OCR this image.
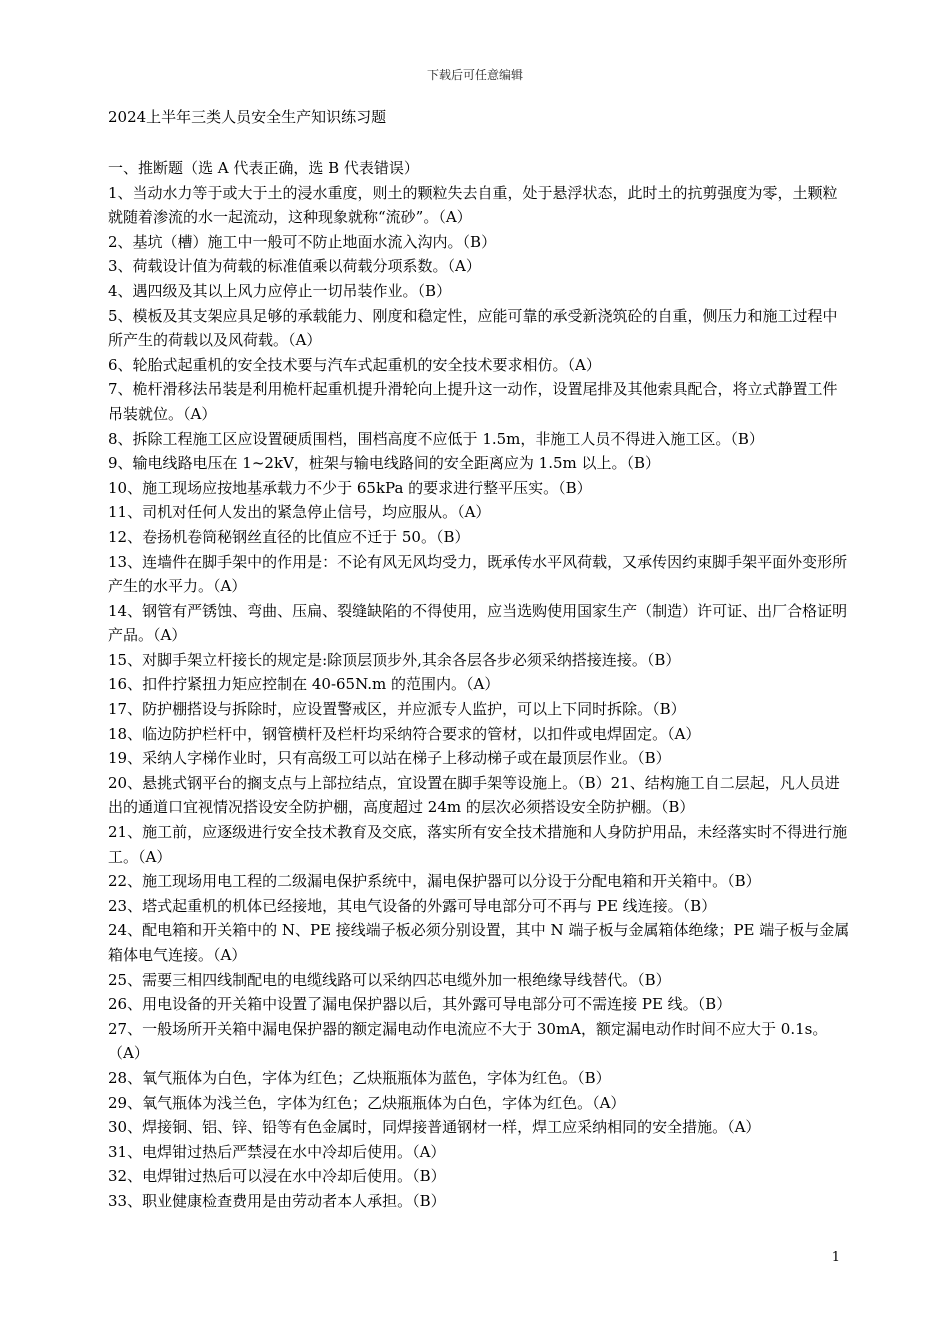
下载后可任意编辑
2024上半年三类人员安全生产知识练习题

一、推断题（选 A 代表正确，选 B 代表错误）

1、当动水力等于或大于土的浸水重度，则土的颗粒失去自重，处于悬浮状态，此时土的抗剪强度为零，土颗粒就随着渗流的水一起流动，这种现象就称“流砂”。（A）

2、基坑（槽）施工中一般可不防止地面水流入沟内。（B）

3、荷载设计值为荷载的标准值乘以荷载分项系数。（A）

4、遇四级及其以上风力应停止一切吊装作业。（B）

5、模板及其支架应具足够的承载能力、刚度和稳定性，应能可靠的承受新浇筑砼的自重，侧压力和施工过程中所产生的荷载以及风荷载。（A）

6、轮胎式起重机的安全技术要与汽车式起重机的安全技术要求相仿。（A）

7、桅杆滑移法吊装是利用桅杆起重机提升滑轮向上提升这一动作，设置尾排及其他索具配合，将立式静置工件吊装就位。（A）

8、拆除工程施工区应设置硬质围档，围档高度不应低于 1.5m，非施工人员不得进入施工区。（B）

9、输电线路电压在 1~2kV，桩架与输电线路间的安全距离应为 1.5m 以上。（B）

10、施工现场应按地基承载力不少于 65kPa 的要求进行整平压实。（B）

11、司机对任何人发出的紧急停止信号，均应服从。（A）

12、卷扬机卷筒秘钢丝直径的比值应不迁于 50。（B）

13、连墙件在脚手架中的作用是：不论有风无风均受力，既承传水平风荷载，又承传因约束脚手架平面外变形所产生的水平力。（A）

14、钢管有严锈蚀、弯曲、压扁、裂缝缺陷的不得使用，应当选购使用国家生产（制造）许可证、出厂合格证明产品。（A）

15、对脚手架立杆接长的规定是:除顶层顶步外,其余各层各步必须采纳搭接连接。（B）

16、扣件拧紧扭力矩应控制在 40-65N.m 的范围内。（A）

17、防护棚搭设与拆除时，应设置警戒区，并应派专人监护，可以上下同时拆除。（B）

18、临边防护栏杆中，钢管横杆及栏杆均采纳符合要求的管材，以扣件或电焊固定。（A）

19、采纳人字梯作业时，只有高级工可以站在梯子上移动梯子或在最顶层作业。（B）

20、悬挑式钢平台的搁支点与上部拉结点，宜设置在脚手架等设施上。（B）21、结构施工自二层起，凡人员进出的通道口宜视情况搭设安全防护棚，高度超过 24m 的层次必须搭设安全防护棚。（B）

21、施工前，应逐级进行安全技术教育及交底，落实所有安全技术措施和人身防护用品，未经落实时不得进行施工。（A）

22、施工现场用电工程的二级漏电保护系统中，漏电保护器可以分设于分配电箱和开关箱中。（B）

23、塔式起重机的机体已经接地，其电气设备的外露可导电部分可不再与 PE 线连接。（B）

24、配电箱和开关箱中的 N、PE 接线端子板必须分别设置，其中 N 端子板与金属箱体绝缘；PE 端子板与金属箱体电气连接。（A）

25、需要三相四线制配电的电缆线路可以采纳四芯电缆外加一根绝缘导线替代。（B）

26、用电设备的开关箱中设置了漏电保护器以后，其外露可导电部分可不需连接 PE 线。（B）

27、一般场所开关箱中漏电保护器的额定漏电动作电流应不大于 30mA，额定漏电动作时间不应大于 0.1s。（A）

28、氧气瓶体为白色，字体为红色；乙炔瓶瓶体为蓝色，字体为红色。（B）

29、氧气瓶体为浅兰色，字体为红色；乙炔瓶瓶体为白色，字体为红色。（A）

30、焊接铜、铝、锌、铅等有色金属时，同焊接普通钢材一样，焊工应采纳相同的安全措施。（A）

31、电焊钳过热后严禁浸在水中冷却后使用。（A）

32、电焊钳过热后可以浸在水中冷却后使用。（B）

33、职业健康检查费用是由劳动者本人承担。（B）

1
